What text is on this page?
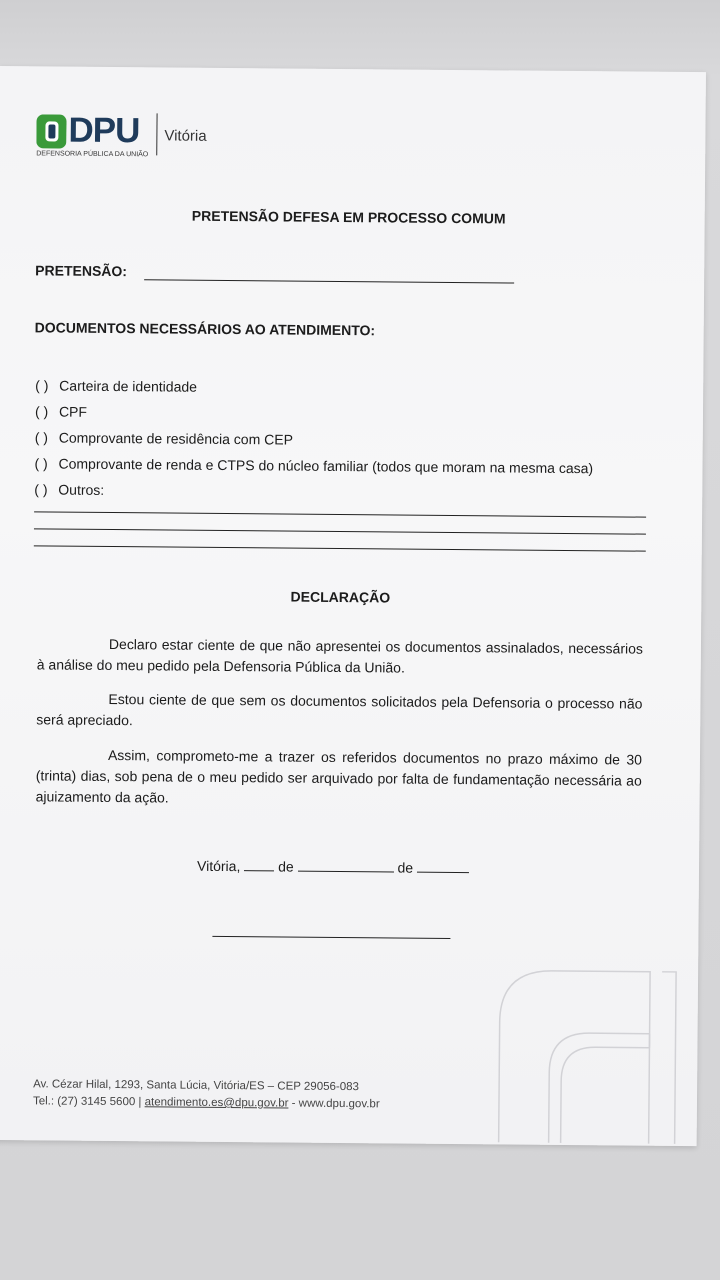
DPU
DEFENSORIA PÚBLICA DA UNIÃO
Vitória
PRETENSÃO DEFESA EM PROCESSO COMUM
PRETENSÃO:
DOCUMENTOS NECESSÁRIOS AO ATENDIMENTO:
( ) Carteira de identidade
( ) CPF
( ) Comprovante de residência com CEP
( ) Comprovante de renda e CTPS do núcleo familiar (todos que moram na mesma casa)
( ) Outros:
DECLARAÇÃO
Declaro estar ciente de que não apresentei os documentos assinalados, necessários à análise do meu pedido pela Defensoria Pública da União.
Estou ciente de que sem os documentos solicitados pela Defensoria o processo não será apreciado.
Assim, comprometo-me a trazer os referidos documentos no prazo máximo de 30 (trinta) dias, sob pena de o meu pedido ser arquivado por falta de fundamentação necessária ao ajuizamento da ação.
Vitória,	de	de
Av. Cézar Hilal, 1293, Santa Lúcia, Vitória/ES – CEP 29056-083
Tel.: (27) 3145 5600 | atendimento.es@dpu.gov.br - www.dpu.gov.br
